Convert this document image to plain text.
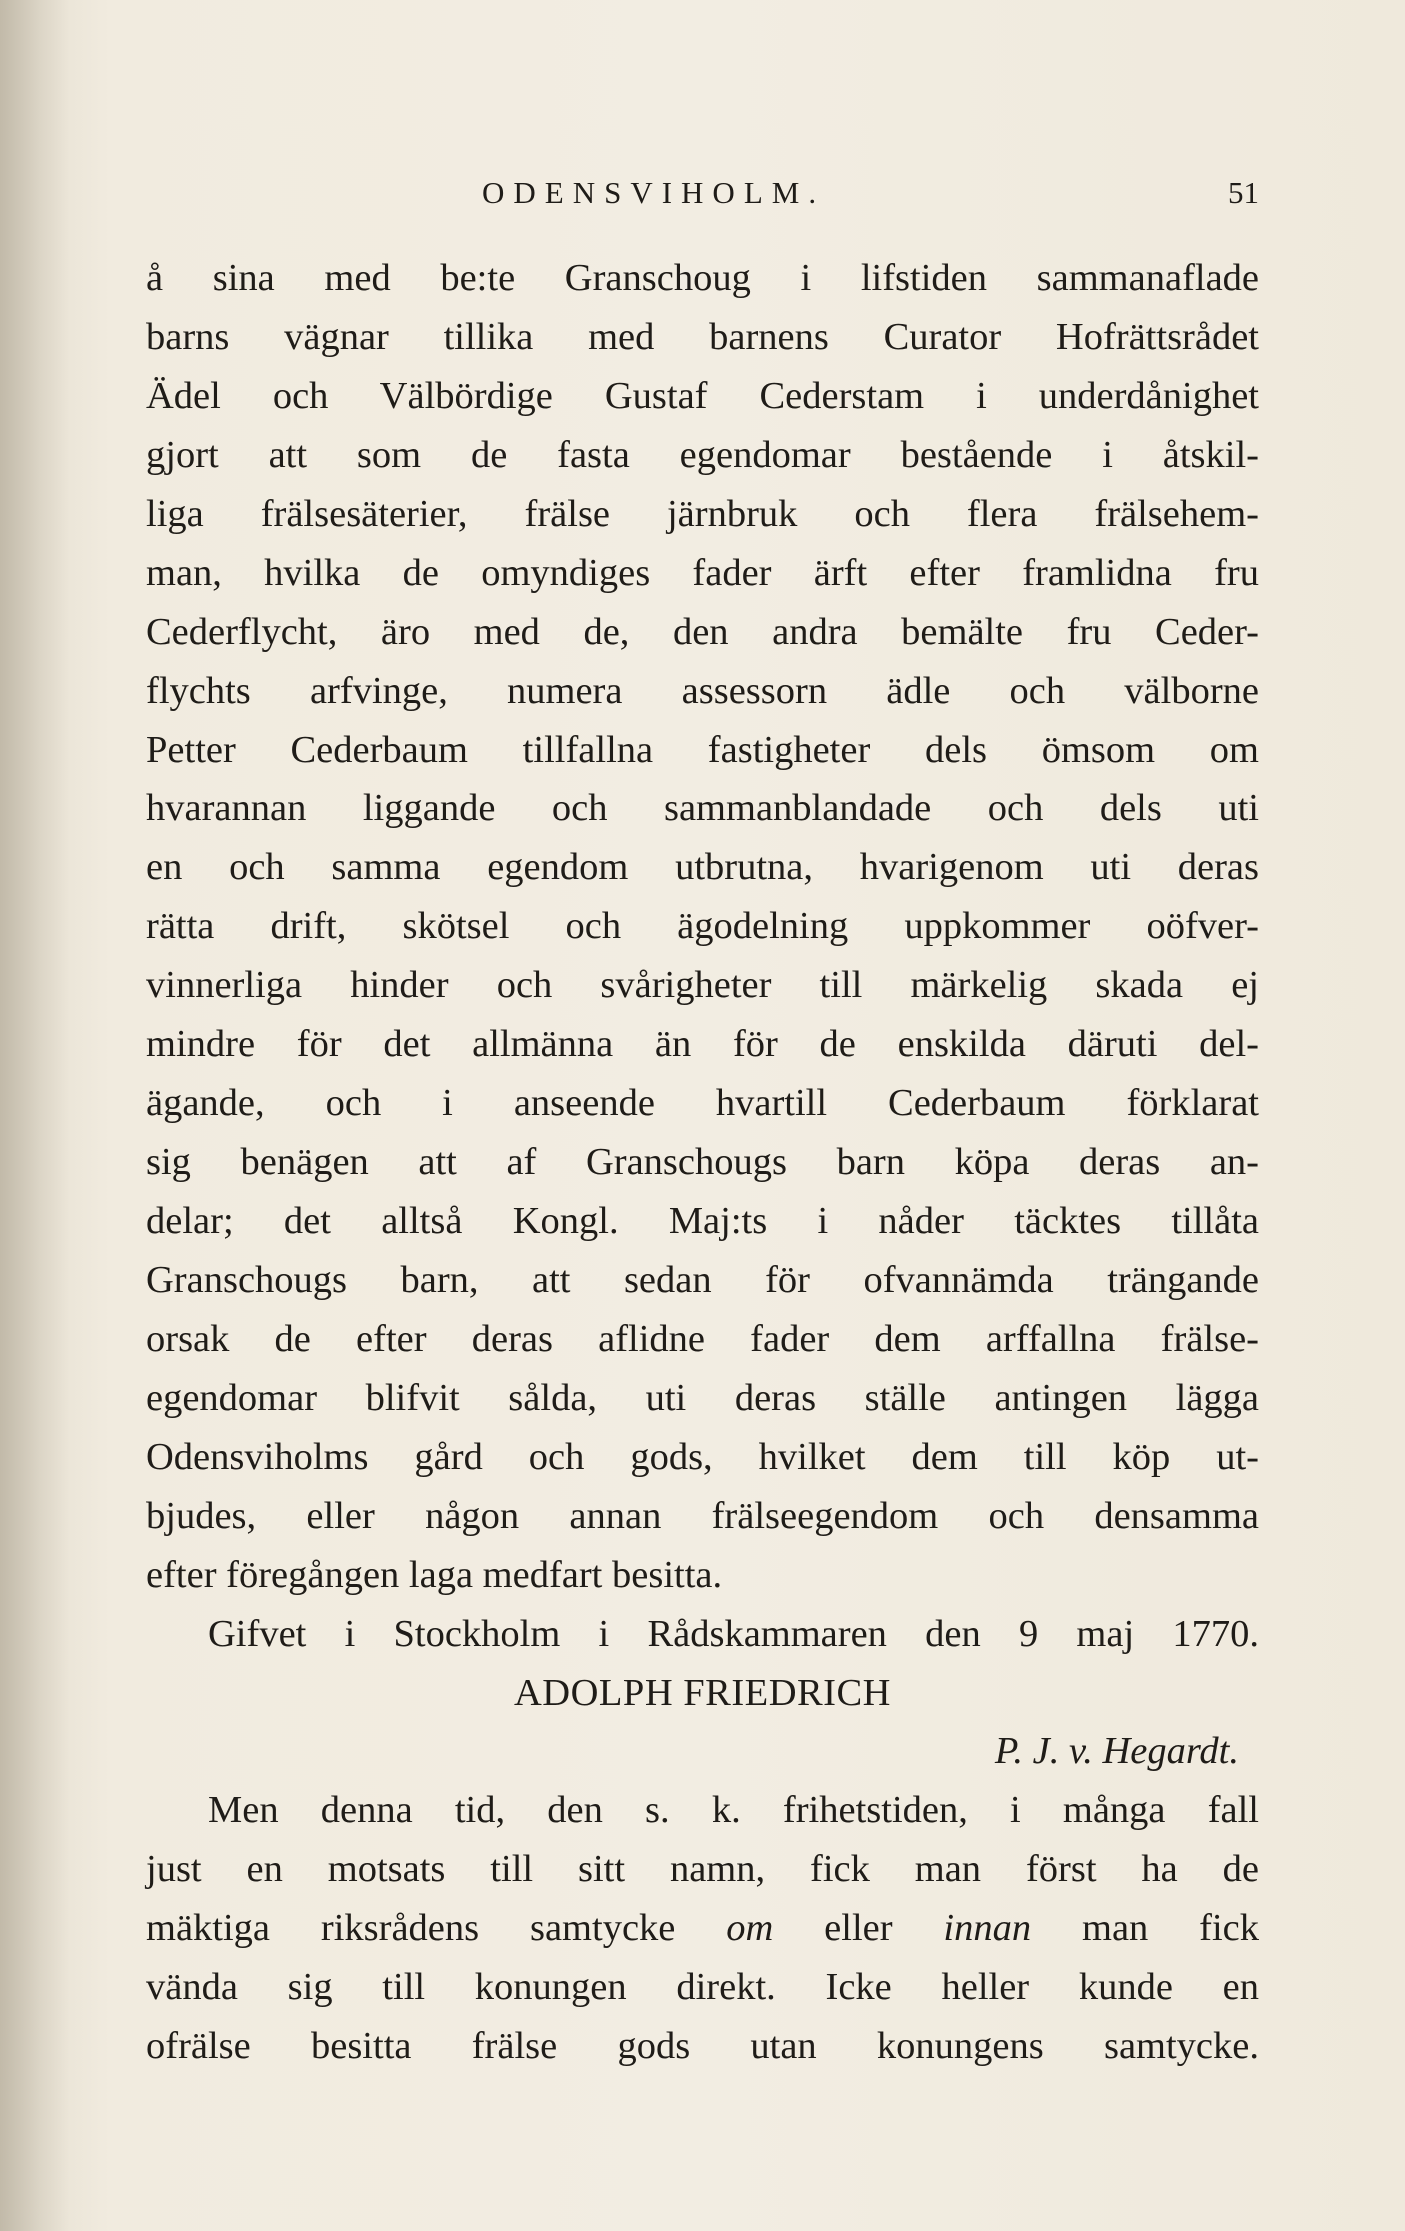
ODENSVIHOLM.	51
å sina med be:te Granschoug i lifstiden sammanaflade
barns vägnar tillika med barnens Curator Hofrättsrådet
Ädel och Välbördige Gustaf Cederstam i underdånighet
gjort att som de fasta egendomar bestående i åtskil-
liga frälsesäterier, frälse järnbruk och flera frälsehem-
man, hvilka de omyndiges fader ärft efter framlidna fru
Cederflycht, äro med de, den andra bemälte fru Ceder-
flychts arfvinge, numera assessorn ädle och välborne
Petter Cederbaum tillfallna fastigheter dels ömsom om
hvarannan liggande och sammanblandade och dels uti
en och samma egendom utbrutna, hvarigenom uti deras
rätta drift, skötsel och ägodelning uppkommer oöfver-
vinnerliga hinder och svårigheter till märkelig skada ej
mindre för det allmänna än för de enskilda däruti del-
ägande, och i anseende hvartill Cederbaum förklarat
sig benägen att af Granschougs barn köpa deras an-
delar; det alltså Kongl. Maj:ts i nåder täcktes tillåta
Granschougs barn, att sedan för ofvannämda trängande
orsak de efter deras aflidne fader dem arffallna frälse-
egendomar blifvit sålda, uti deras ställe antingen lägga
Odensviholms gård och gods, hvilket dem till köp ut-
bjudes, eller någon annan frälseegendom och densamma
efter föregången laga medfart besitta.
Gifvet i Stockholm i Rådskammaren den 9 maj 1770.
ADOLPH FRIEDRICH
P. J. v. Hegardt.
Men denna tid, den s. k. frihetstiden, i många fall
just en motsats till sitt namn, fick man först ha de
mäktiga riksrådens samtycke om eller innan man fick
vända sig till konungen direkt. Icke heller kunde en
ofrälse besitta frälse gods utan konungens samtycke.
